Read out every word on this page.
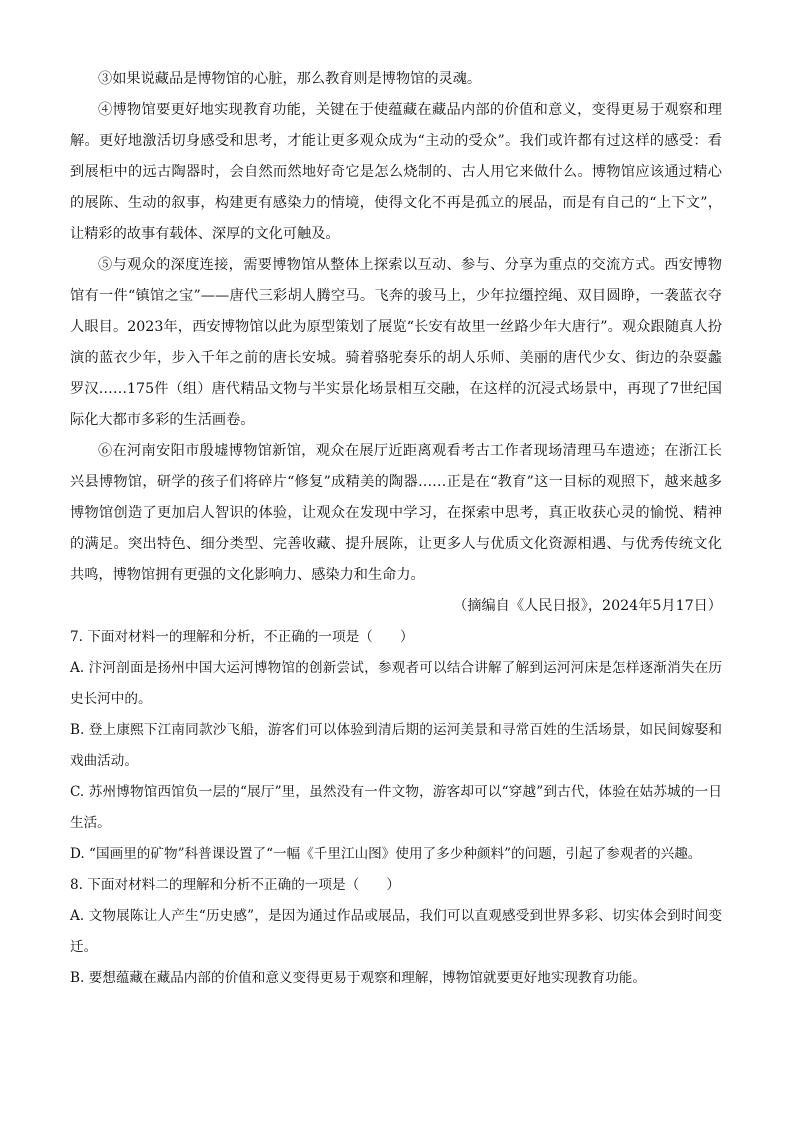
③如果说藏品是博物馆的心脏，那么教育则是博物馆的灵魂。

④博物馆要更好地实现教育功能，关键在于使蕴藏在藏品内部的价值和意义，变得更易于观察和理解。更好地激活切身感受和思考，才能让更多观众成为“主动的受众”。我们或许都有过这样的感受：看到展柜中的远古陶器时，会自然而然地好奇它是怎么烧制的、古人用它来做什么。博物馆应该通过精心的展陈、生动的叙事，构建更有感染力的情境，使得文化不再是孤立的展品，而是有自己的“上下文”，让精彩的故事有载体、深厚的文化可触及。

⑤与观众的深度连接，需要博物馆从整体上探索以互动、参与、分享为重点的交流方式。西安博物馆有一件“镇馆之宝”——唐代三彩胡人腾空马。飞奔的骏马上，少年拉缰控绳、双目圆睁，一袭蓝衣夺人眼目。2023年，西安博物馆以此为原型策划了展览“长安有故里一丝路少年大唐行”。观众跟随真人扮演的蓝衣少年，步入千年之前的唐长安城。骑着骆驼奏乐的胡人乐师、美丽的唐代少女、街边的杂耍蠡罗汉……175件（组）唐代精品文物与半实景化场景相互交融，在这样的沉浸式场景中，再现了7世纪国际化大都市多彩的生活画卷。

⑥在河南安阳市殷墟博物馆新馆，观众在展厅近距离观看考古工作者现场清理马车遗迹；在浙江长兴县博物馆，研学的孩子们将碎片“修复”成精美的陶器……正是在“教育”这一目标的观照下，越来越多博物馆创造了更加启人智识的体验，让观众在发现中学习，在探索中思考，真正收获心灵的愉悦、精神的满足。突出特色、细分类型、完善收藏、提升展陈，让更多人与优质文化资源相遇、与优秀传统文化共鸣，博物馆拥有更强的文化影响力、感染力和生命力。

（摘编自《人民日报》，2024年5月17日）

7. 下面对材料一的理解和分析，不正确的一项是（　　）

A. 汴河剖面是扬州中国大运河博物馆的创新尝试，参观者可以结合讲解了解到运河河床是怎样逐渐消失在历史长河中的。

B. 登上康熙下江南同款沙飞船，游客们可以体验到清后期的运河美景和寻常百姓的生活场景，如民间嫁娶和戏曲活动。

C. 苏州博物馆西馆负一层的“展厅”里，虽然没有一件文物，游客却可以“穿越”到古代，体验在姑苏城的一日生活。

D. “国画里的矿物”科普课设置了“一幅《千里江山图》使用了多少种颜料”的问题，引起了参观者的兴趣。

8. 下面对材料二的理解和分析不正确的一项是（　　）

A. 文物展陈让人产生“历史感”，是因为通过作品或展品，我们可以直观感受到世界多彩、切实体会到时间变迁。

B. 要想蕴藏在藏品内部的价值和意义变得更易于观察和理解，博物馆就要更好地实现教育功能。
